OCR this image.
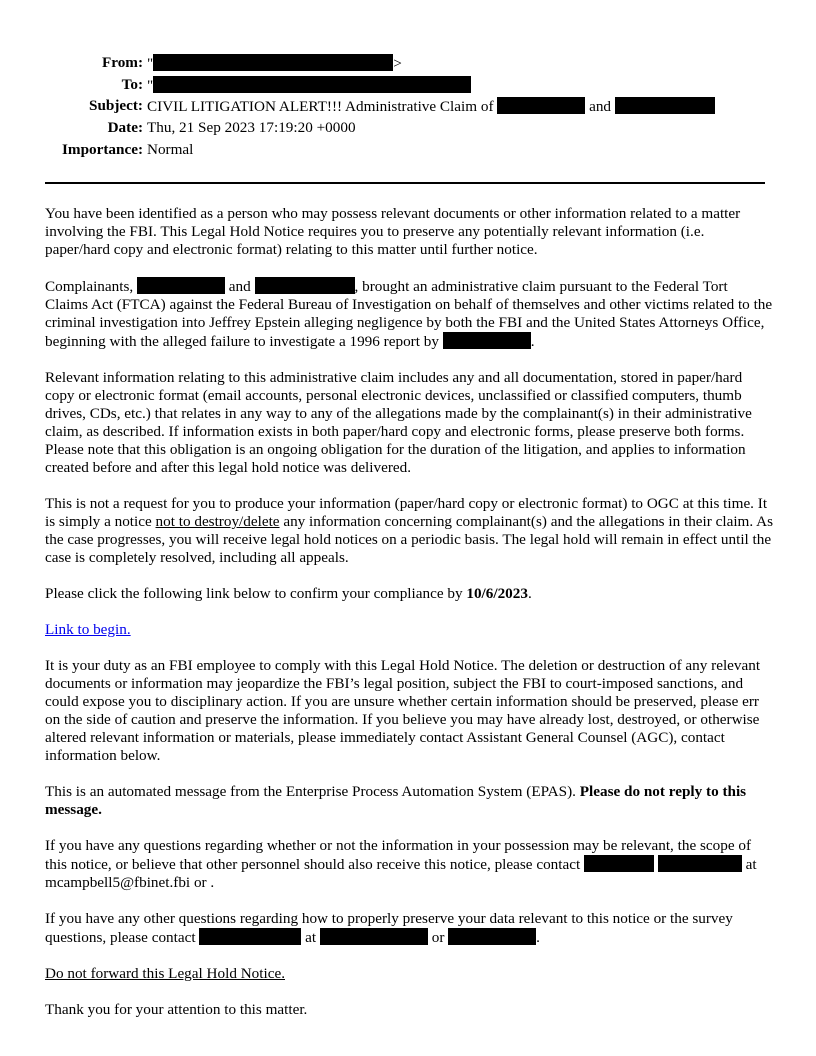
From:	" >
To:	"
Subject:	CIVIL LITIGATION ALERT!!! Administrative Claim of and
Date:	Thu, 21 Sep 2023 17:19:20 +0000
Importance:	Normal

You have been identified as a person who may possess relevant documents or other information related to a matter involving the FBI. This Legal Hold Notice requires you to preserve any potentially relevant information (i.e. paper/hard copy and electronic format) relating to this matter until further notice.

Complainants,	and	, brought an administrative claim pursuant to the Federal Tort Claims Act (FTCA) against the Federal Bureau of Investigation on behalf of themselves and other victims related to the criminal investigation into Jeffrey Epstein alleging negligence by both the FBI and the United States Attorneys Office, beginning with the alleged failure to investigate a 1996 report by	.

Relevant information relating to this administrative claim includes any and all documentation, stored in paper/hard copy or electronic format (email accounts, personal electronic devices, unclassified or classified computers, thumb drives, CDs, etc.) that relates in any way to any of the allegations made by the complainant(s) in their administrative claim, as described. If information exists in both paper/hard copy and electronic forms, please preserve both forms. Please note that this obligation is an ongoing obligation for the duration of the litigation, and applies to information created before and after this legal hold notice was delivered.

This is not a request for you to produce your information (paper/hard copy or electronic format) to OGC at this time. It is simply a notice not to destroy/delete any information concerning complainant(s) and the allegations in their claim. As the case progresses, you will receive legal hold notices on a periodic basis. The legal hold will remain in effect until the case is completely resolved, including all appeals.

Please click the following link below to confirm your compliance by 10/6/2023.

Link to begin.

It is your duty as an FBI employee to comply with this Legal Hold Notice. The deletion or destruction of any relevant documents or information may jeopardize the FBI’s legal position, subject the FBI to court-imposed sanctions, and could expose you to disciplinary action. If you are unsure whether certain information should be preserved, please err on the side of caution and preserve the information. If you believe you may have already lost, destroyed, or otherwise altered relevant information or materials, please immediately contact Assistant General Counsel (AGC), contact information below.

This is an automated message from the Enterprise Process Automation System (EPAS). Please do not reply to this message.

If you have any questions regarding whether or not the information in your possession may be relevant, the scope of this notice, or believe that other personnel should also receive this notice, please contact	at mcampbell5@fbinet.fbi or .

If you have any other questions regarding how to properly preserve your data relevant to this notice or the survey questions, please contact	at	or	.

Do not forward this Legal Hold Notice.

Thank you for your attention to this matter.
